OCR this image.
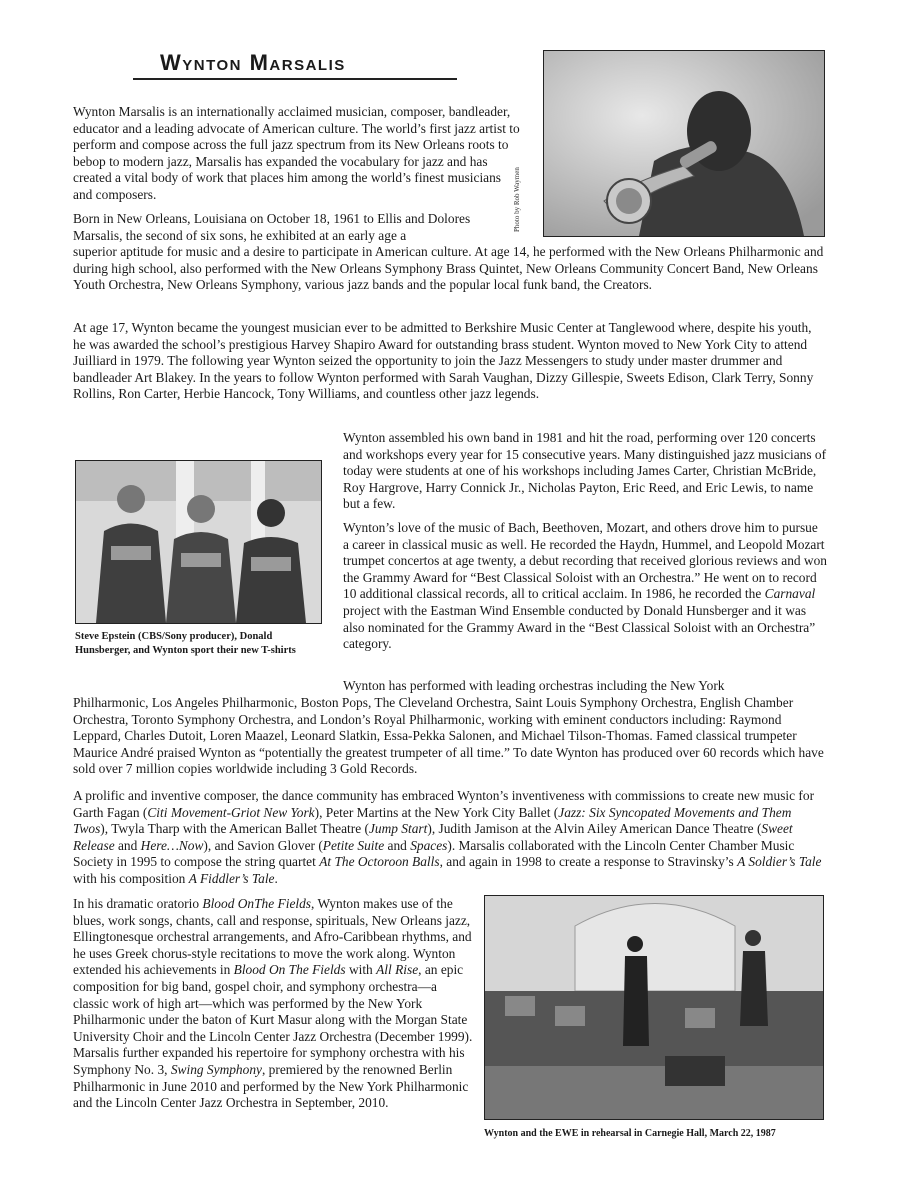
Wynton Marsalis
Photo by Rob Waymen

Wynton Marsalis is an internationally acclaimed musician, composer, bandleader, educator and a leading advocate of American culture. The world’s first jazz artist to perform and compose across the full jazz spectrum from its New Orleans roots to bebop to modern jazz, Marsalis has expanded the vocabulary for jazz and has created a vital body of work that places him among the world’s finest musicians and composers.

Born in New Orleans, Louisiana on October 18, 1961 to Ellis and Dolores Marsalis, the second of six sons, he exhibited at an early age a

superior aptitude for music and a desire to participate in American culture. At age 14, he performed with the New Orleans Philharmonic and during high school, also performed with the New Orleans Symphony Brass Quintet, New Orleans Community Concert Band, New Orleans Youth Orchestra, New Orleans Symphony, various jazz bands and the popular local funk band, the Creators.

At age 17, Wynton became the youngest musician ever to be admitted to Berkshire Music Center at Tanglewood where, despite his youth, he was awarded the school’s prestigious Harvey Shapiro Award for outstanding brass student. Wynton moved to New York City to attend Juilliard in 1979. The following year Wynton seized the opportunity to join the Jazz Messengers to study under master drummer and bandleader Art Blakey. In the years to follow Wynton performed with Sarah Vaughan, Dizzy Gillespie, Sweets Edison, Clark Terry, Sonny Rollins, Ron Carter, Herbie Hancock, Tony Williams, and countless other jazz legends.

Steve Epstein (CBS/Sony producer), Donald Hunsberger, and Wynton sport their new T-shirts

Wynton assembled his own band in 1981 and hit the road, performing over 120 concerts and workshops every year for 15 consecutive years. Many distinguished jazz musicians of today were students at one of his workshops including James Carter, Christian McBride, Roy Hargrove, Harry Connick Jr., Nicholas Payton, Eric Reed, and Eric Lewis, to name but a few.

Wynton’s love of the music of Bach, Beethoven, Mozart, and others drove him to pursue a career in classical music as well. He recorded the Haydn, Hummel, and Leopold Mozart trumpet concertos at age twenty, a debut recording that received glorious reviews and won the Grammy Award for “Best Classical Soloist with an Orchestra.” He went on to record 10 additional classical records, all to critical acclaim. In 1986, he recorded the Carnaval project with the Eastman Wind Ensemble conducted by Donald Hunsberger and it was also nominated for the Grammy Award in the “Best Classical Soloist with an Orchestra” category.

Wynton has performed with leading orchestras including the New York

Philharmonic, Los Angeles Philharmonic, Boston Pops, The Cleveland Orchestra, Saint Louis Symphony Orchestra, English Chamber Orchestra, Toronto Symphony Orchestra, and London’s Royal Philharmonic, working with eminent conductors including: Raymond Leppard, Charles Dutoit, Loren Maazel, Leonard Slatkin, Essa-Pekka Salonen, and Michael Tilson-Thomas. Famed classical trumpeter Maurice André praised Wynton as “potentially the greatest trumpeter of all time.” To date Wynton has produced over 60 records which have sold over 7 million copies worldwide including 3 Gold Records.

A prolific and inventive composer, the dance community has embraced Wynton’s inventiveness with commissions to create new music for Garth Fagan (Citi Movement-Griot New York), Peter Martins at the New York City Ballet (Jazz: Six Syncopated Movements and Them Twos), Twyla Tharp with the American Ballet Theatre (Jump Start), Judith Jamison at the Alvin Ailey American Dance Theatre (Sweet Release and Here…Now), and Savion Glover (Petite Suite and Spaces). Marsalis collaborated with the Lincoln Center Chamber Music Society in 1995 to compose the string quartet At The Octoroon Balls, and again in 1998 to create a response to Stravinsky’s A Soldier’s Tale with his composition A Fiddler’s Tale.

In his dramatic oratorio Blood OnThe Fields, Wynton makes use of the blues, work songs, chants, call and response, spirituals, New Orleans jazz, Ellingtonesque orchestral arrangements, and Afro-Caribbean rhythms, and he uses Greek chorus-style recitations to move the work along. Wynton extended his achievements in Blood On The Fields with All Rise, an epic composition for big band, gospel choir, and symphony orchestra—a classic work of high art—which was performed by the New York Philharmonic under the baton of Kurt Masur along with the Morgan State University Choir and the Lincoln Center Jazz Orchestra (December 1999). Marsalis further expanded his repertoire for symphony orchestra with his Symphony No. 3, Swing Symphony, premiered by the renowned Berlin Philharmonic in June 2010 and performed by the New York Philharmonic and the Lincoln Center Jazz Orchestra in September, 2010.

Wynton and the EWE in rehearsal in Carnegie Hall, March 22, 1987
